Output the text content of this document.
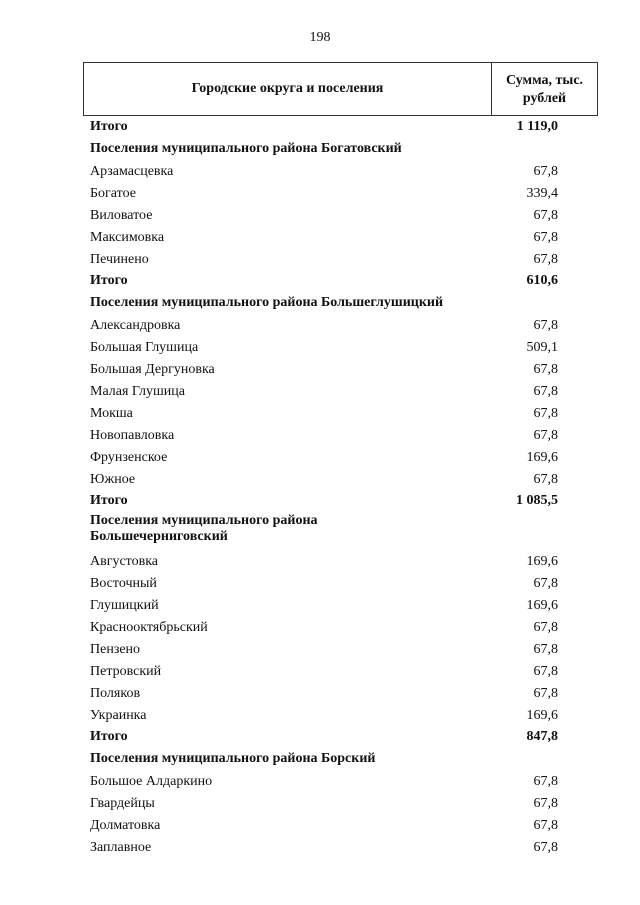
198
Городские округа и поселения
Сумма, тыс.
рублей
Итого	1 119,0
Поселения муниципального района Богатовский
Арзамасцевка	67,8
Богатое	339,4
Виловатое	67,8
Максимовка	67,8
Печинено	67,8
Итого	610,6
Поселения муниципального района Большеглушицкий
Александровка	67,8
Большая Глушица	509,1
Большая Дергуновка	67,8
Малая Глушица	67,8
Мокша	67,8
Новопавловка	67,8
Фрунзенское	169,6
Южное	67,8
Итого	1 085,5
Поселения муниципального района
Большечерниговский
Августовка	169,6
Восточный	67,8
Глушицкий	169,6
Краснооктябрьский	67,8
Пензено	67,8
Петровский	67,8
Поляков	67,8
Украинка	169,6
Итого	847,8
Поселения муниципального района Борский
Большое Алдаркино	67,8
Гвардейцы	67,8
Долматовка	67,8
Заплавное	67,8
